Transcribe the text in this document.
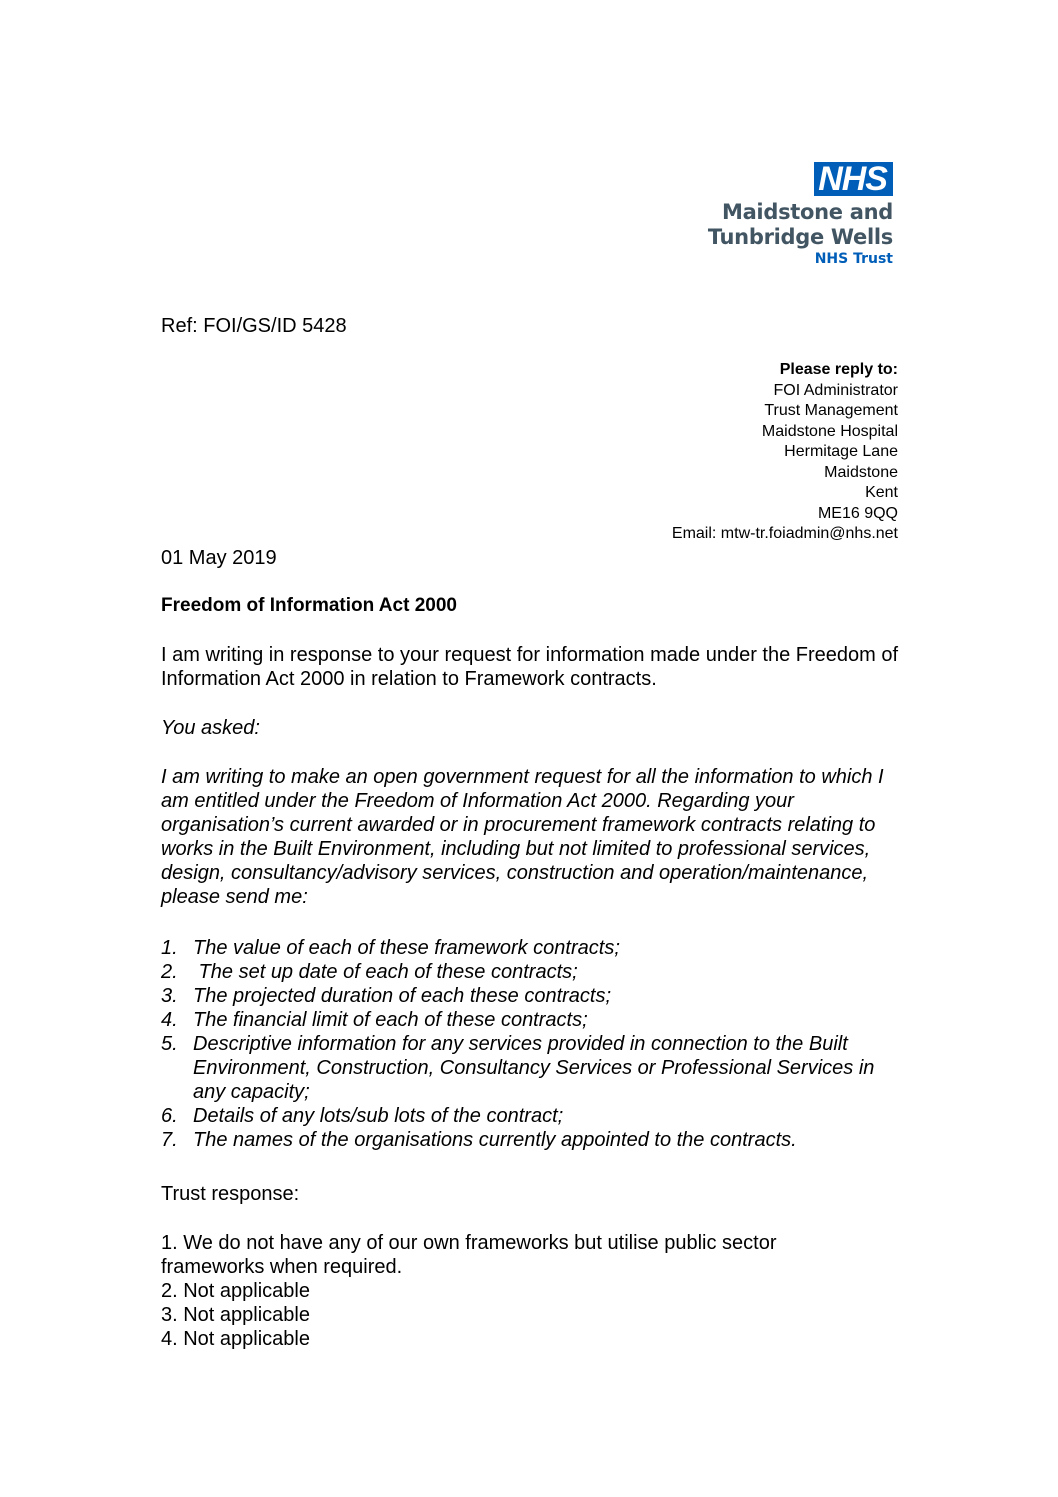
NHS
Maidstone and
Tunbridge Wells
NHS Trust
Ref: FOI/GS/ID 5428
Please reply to:
FOI Administrator
Trust Management
Maidstone Hospital
Hermitage Lane
Maidstone
Kent
ME16 9QQ
Email: mtw-tr.foiadmin@nhs.net
01 May 2019
Freedom of Information Act 2000
I am writing in response to your request for information made under the Freedom of Information Act 2000 in relation to Framework contracts.
You asked:
I am writing to make an open government request for all the information to which I am entitled under the Freedom of Information Act 2000. Regarding your organisation’s current awarded or in procurement framework contracts relating to works in the Built Environment, including but not limited to professional services, design, consultancy/advisory services, construction and operation/maintenance, please send me:
1. The value of each of these framework contracts;
2. The set up date of each of these contracts;
3. The projected duration of each these contracts;
4. The financial limit of each of these contracts;
5. Descriptive information for any services provided in connection to the Built Environment, Construction, Consultancy Services or Professional Services in any capacity;
6. Details of any lots/sub lots of the contract;
7. The names of the organisations currently appointed to the contracts.
Trust response:
1. We do not have any of our own frameworks but utilise public sector frameworks when required.
2. Not applicable
3. Not applicable
4. Not applicable
